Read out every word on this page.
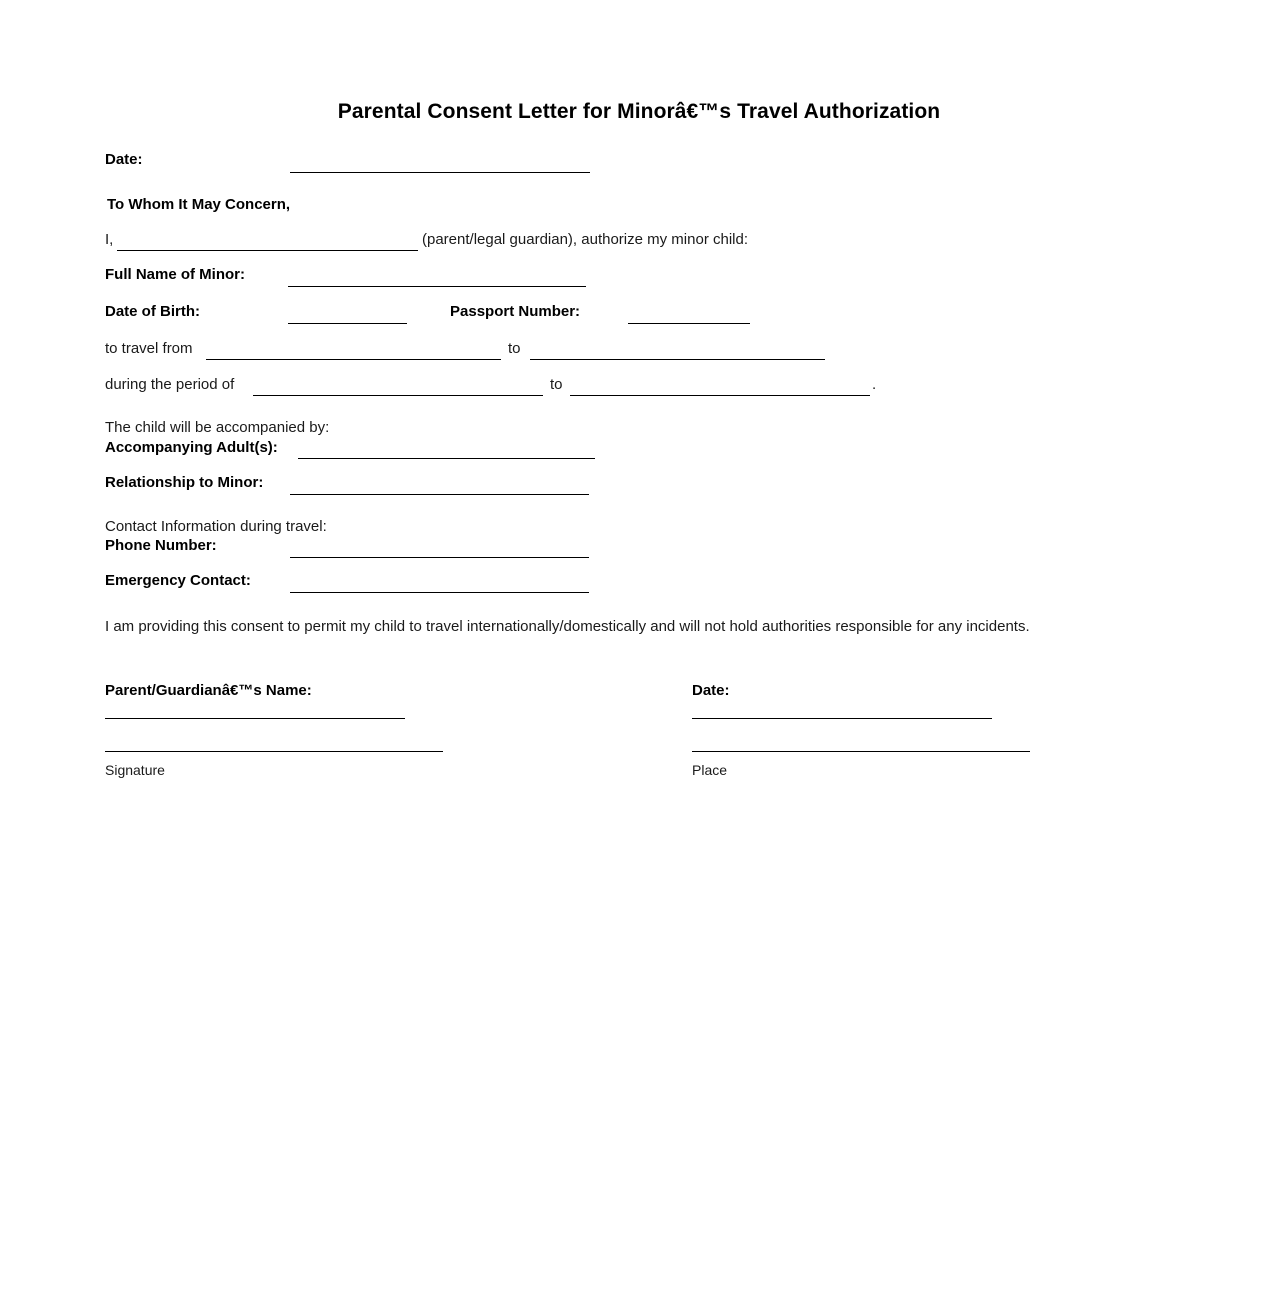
Parental Consent Letter for Minorâ€™s Travel Authorization
Date:
To Whom It May Concern,
I,	(parent/legal guardian), authorize my minor child:
Full Name of Minor:
Date of Birth:	Passport Number:
to travel from	to
during the period of	to	.
The child will be accompanied by:
Accompanying Adult(s):
Relationship to Minor:
Contact Information during travel:
Phone Number:
Emergency Contact:
I am providing this consent to permit my child to travel internationally/domestically and will not hold authorities responsible for any incidents.
Parent/Guardianâ€™s Name:
Signature
Date:
Place
